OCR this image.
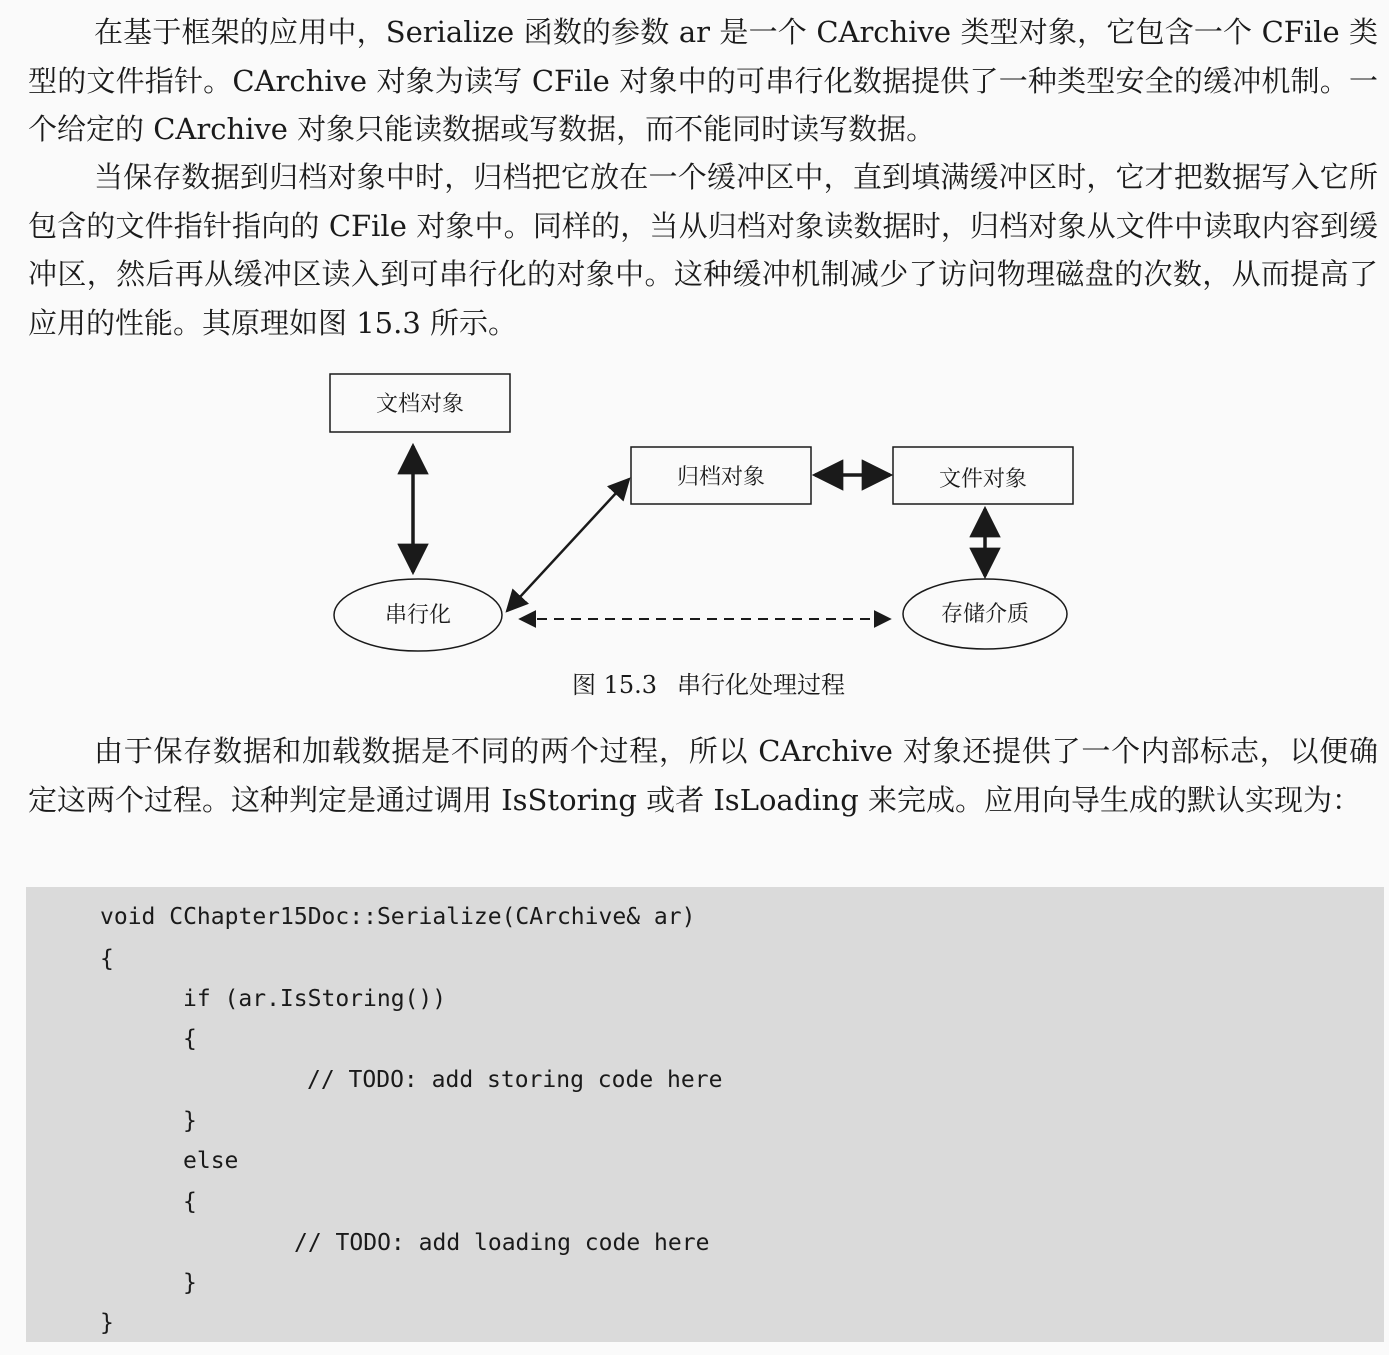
在基于框架的应用中，Serialize 函数的参数 ar 是一个 CArchive 类型对象，它包含一个 CFile 类型的文件指针。CArchive 对象为读写 CFile 对象中的可串行化数据提供了一种类型安全的缓冲机制。一个给定的 CArchive 对象只能读数据或写数据，而不能同时读写数据。

当保存数据到归档对象中时，归档把它放在一个缓冲区中，直到填满缓冲区时，它才把数据写入它所包含的文件指针指向的 CFile 对象中。同样的，当从归档对象读数据时，归档对象从文件中读取内容到缓冲区，然后再从缓冲区读入到可串行化的对象中。这种缓冲机制减少了访问物理磁盘的次数，从而提高了应用的性能。其原理如图 15.3 所示。

文档对象
归档对象	文件对象
串行化	存储介质
图 15.3 串行化处理过程

由于保存数据和加载数据是不同的两个过程，所以 CArchive 对象还提供了一个内部标志，以便确定这两个过程。这种判定是通过调用 IsStoring 或者 IsLoading 来完成。应用向导生成的默认实现为：

void CChapter15Doc::Serialize(CArchive& ar)
{
if (ar.IsStoring())
{
// TODO: add storing code here
}
else
{
// TODO: add loading code here
}
}
